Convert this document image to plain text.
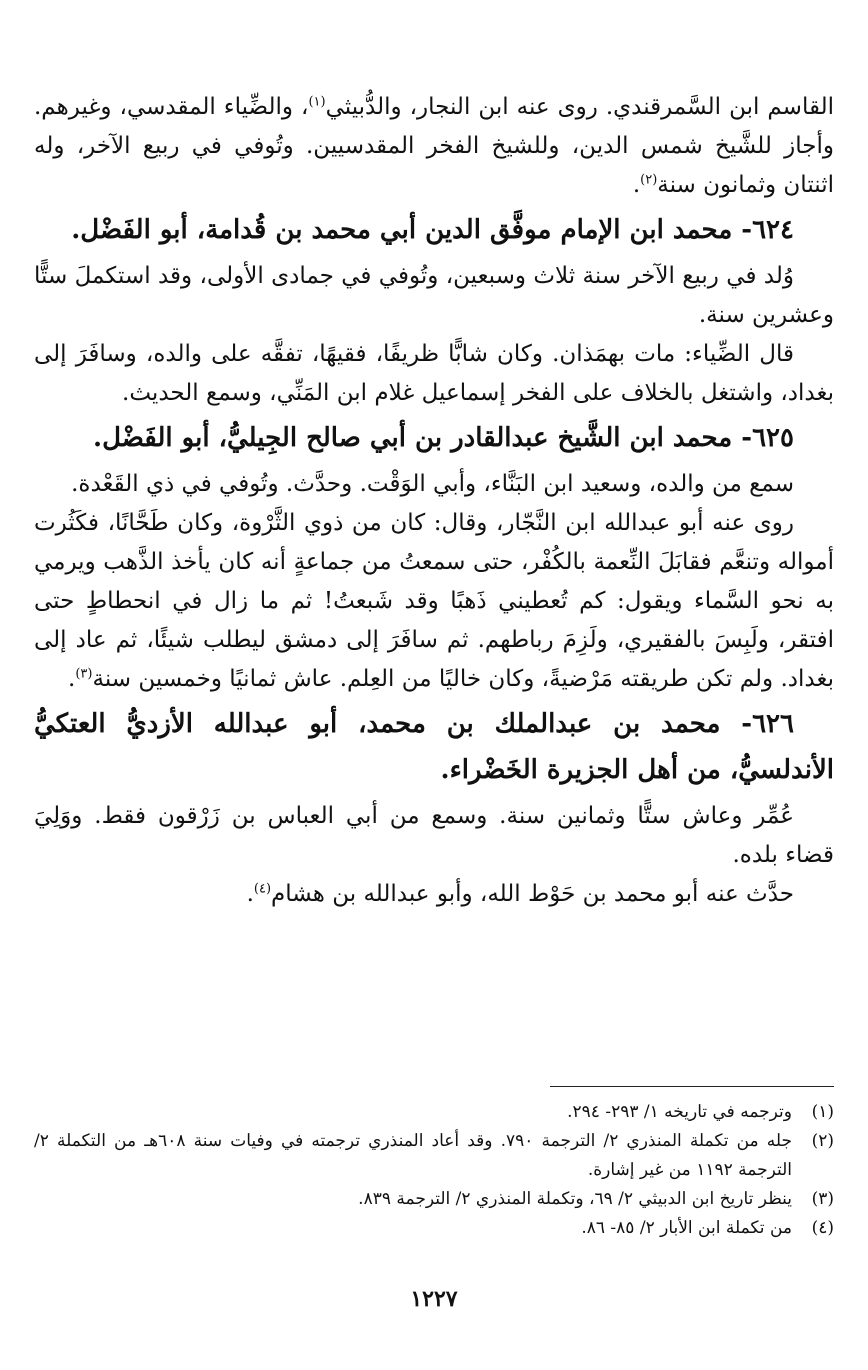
القاسم ابن السَّمرقندي. روى عنه ابن النجار، والدُّبيثي$^{(١)}$، والضِّياء المقدسي، وغيرهم. وأجاز للشَّيخ شمس الدين، وللشيخ الفخر المقدسيين. وتُوفي في ربيع الآخر، وله اثنتان وثمانون سنة$^{(٢)}$.

٦٢٤- محمد ابن الإمام موفَّق الدين أبي محمد بن قُدامة، أبو الفَضْل.

وُلد في ربيع الآخر سنة ثلاث وسبعين، وتُوفي في جمادى الأولى، وقد استكملَ ستًّا وعشرين سنة.

قال الضِّياء: مات بهمَذان. وكان شابًّا ظريفًا، فقيهًا، تفقَّه على والده، وسافَرَ إلى بغداد، واشتغل بالخلاف على الفخر إسماعيل غلام ابن المَنِّي، وسمع الحديث.

٦٢٥- محمد ابن الشَّيخ عبدالقادر بن أبي صالح الجِيليُّ، أبو الفَضْل.

سمع من والده، وسعيد ابن البَنَّاء، وأبي الوَقْت. وحدَّث. وتُوفي في ذي القَعْدة.

روى عنه أبو عبدالله ابن النَّجّار، وقال: كان من ذوي الثَّرْوة، وكان طَحَّانًا، فكَثُرت أمواله وتنعَّم فقابَلَ النِّعمة بالكُفْر، حتى سمعتُ من جماعةٍ أنه كان يأخذ الذَّهب ويرمي به نحو السَّماء ويقول: كم تُعطيني ذَهبًا وقد شَبعتُ! ثم ما زال في انحطاطٍ حتى افتقر، ولَبِسَ بالفقيري، ولَزِمَ رباطهم. ثم سافَرَ إلى دمشق ليطلب شيئًا، ثم عاد إلى بغداد. ولم تكن طريقته مَرْضيةً، وكان خاليًا من العِلم. عاش ثمانيًا وخمسين سنة$^{(٣)}$.

٦٢٦- محمد بن عبدالملك بن محمد، أبو عبدالله الأزديُّ العتكيُّ الأندلسيُّ، من أهل الجزيرة الخَضْراء.

عُمِّر وعاش ستًّا وثمانين سنة. وسمع من أبي العباس بن زَرْقون فقط. ووَلِيَ قضاء بلده.

حدَّث عنه أبو محمد بن حَوْط الله، وأبو عبدالله بن هشام$^{(٤)}$.

(١)
وترجمه في تاريخه ١/ ٢٩٣- ٢٩٤.
(٢)
جله من تكملة المنذري ٢/ الترجمة ٧٩٠. وقد أعاد المنذري ترجمته في وفيات سنة ٦٠٨هـ من التكملة ٢/ الترجمة ١١٩٢ من غير إشارة.
(٣)
ينظر تاريخ ابن الدبيثي ٢/ ٦٩، وتكملة المنذري ٢/ الترجمة ٨٣٩.
(٤)
من تكملة ابن الأبار ٢/ ٨٥- ٨٦.
١٢٢٧
